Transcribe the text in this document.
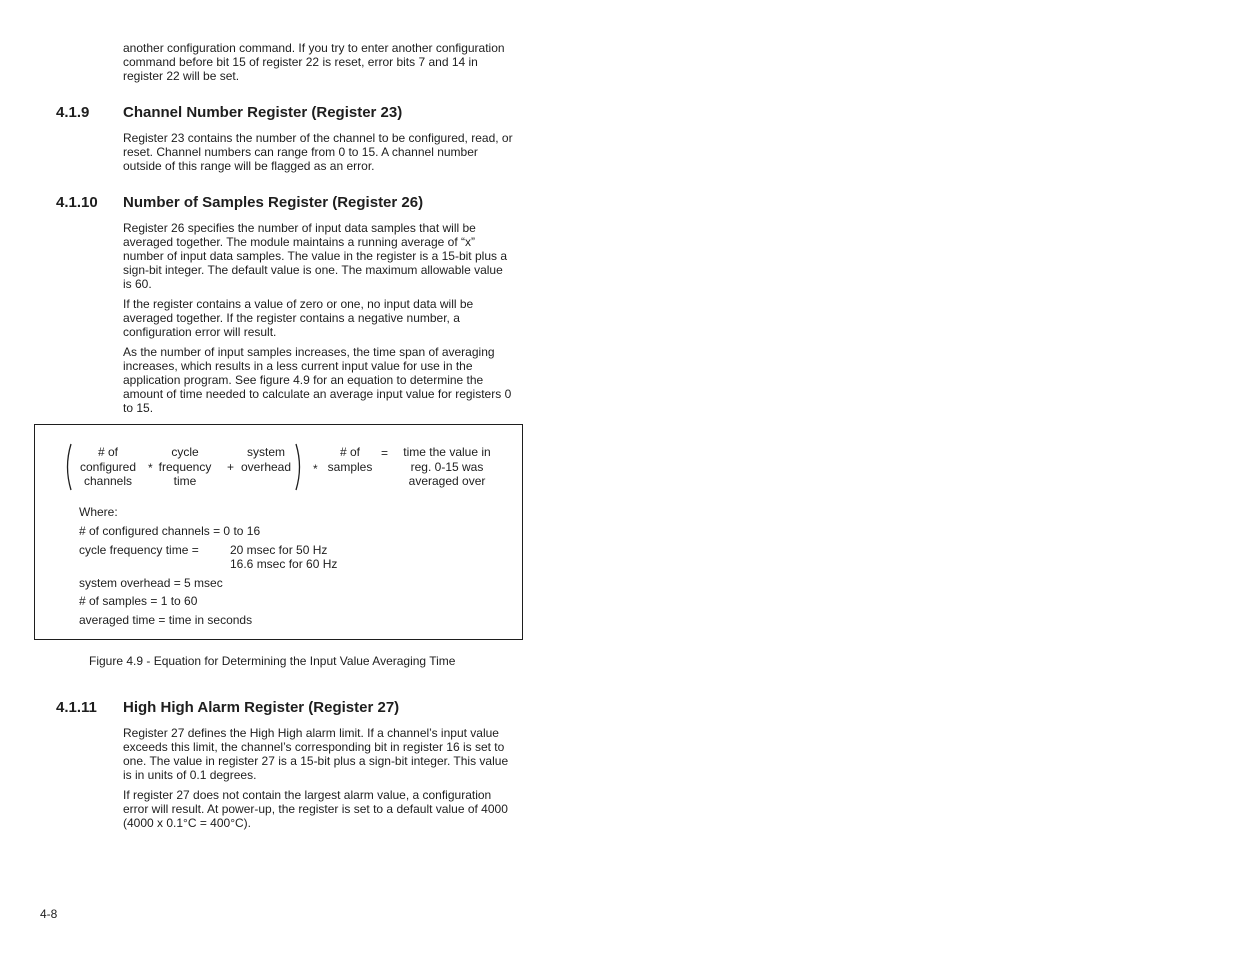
another configuration command. If you try to enter another configuration command before bit 15 of register 22 is reset, error bits 7 and 14 in register 22 will be set.

4.1.9 Channel Number Register (Register 23)

Register 23 contains the number of the channel to be configured, read, or reset. Channel numbers can range from 0 to 15. A channel number outside of this range will be flagged as an error.

4.1.10 Number of Samples Register (Register 26)

Register 26 specifies the number of input data samples that will be averaged together. The module maintains a running average of “x” number of input data samples. The value in the register is a 15-bit plus a sign-bit integer. The default value is one. The maximum allowable value is 60.

If the register contains a value of zero or one, no input data will be averaged together. If the register contains a negative number, a configuration error will result.

As the number of input samples increases, the time span of averaging increases, which results in a less current input value for use in the application program. See figure 4.9 for an equation to determine the amount of time needed to calculate an average input value for registers 0 to 15.

# of
configured
channels
*
cycle
frequency
time
+
system
overhead	*
# of
samples
=	time the value in
reg. 0-15 was
averaged over
Where:
# of configured channels = 0 to 16
cycle frequency time =	20 msec for 50 Hz
16.6 msec for 60 Hz
system overhead = 5 msec
# of samples = 1 to 60
averaged time = time in seconds
Figure 4.9 - Equation for Determining the Input Value Averaging Time
4.1.11 High High Alarm Register (Register 27)

Register 27 defines the High High alarm limit. If a channel’s input value exceeds this limit, the channel’s corresponding bit in register 16 is set to one. The value in register 27 is a 15-bit plus a sign-bit integer. This value is in units of 0.1 degrees.

If register 27 does not contain the largest alarm value, a configuration error will result. At power-up, the register is set to a default value of 4000 (4000 x 0.1°C = 400°C).

4-8
